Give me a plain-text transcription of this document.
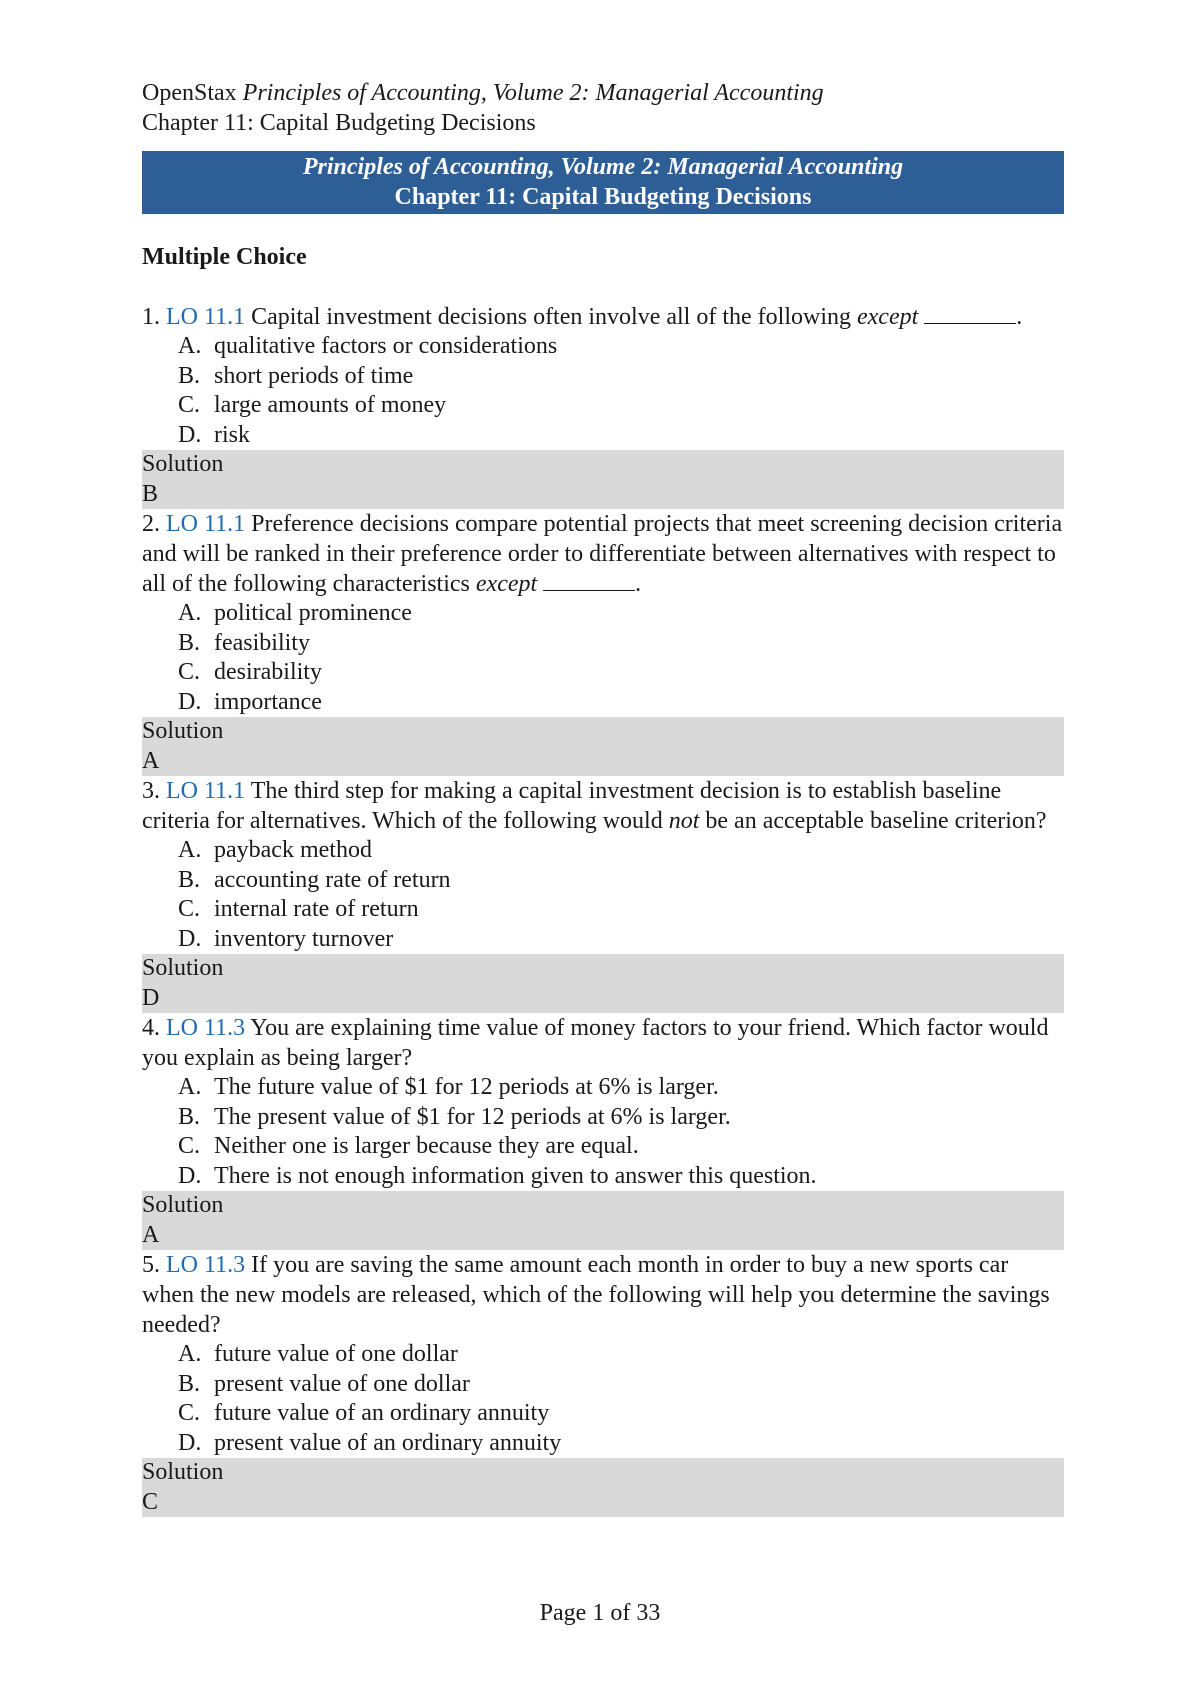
OpenStax Principles of Accounting, Volume 2: Managerial Accounting
Chapter 11: Capital Budgeting Decisions
Principles of Accounting, Volume 2: Managerial Accounting
Chapter 11: Capital Budgeting Decisions
Multiple Choice
1. LO 11.1 Capital investment decisions often involve all of the following except	.
A. qualitative factors or considerations
B. short periods of time
C. large amounts of money
D. risk
Solution
B
2. LO 11.1 Preference decisions compare potential projects that meet screening decision criteria and will be ranked in their preference order to differentiate between alternatives with respect to all of the following characteristics except	.
A. political prominence
B. feasibility
C. desirability
D. importance
Solution
A
3. LO 11.1 The third step for making a capital investment decision is to establish baseline criteria for alternatives. Which of the following would not be an acceptable baseline criterion?
A. payback method
B. accounting rate of return
C. internal rate of return
D. inventory turnover
Solution
D
4. LO 11.3 You are explaining time value of money factors to your friend. Which factor would you explain as being larger?
A. The future value of $1 for 12 periods at 6% is larger.
B. The present value of $1 for 12 periods at 6% is larger.
C. Neither one is larger because they are equal.
D. There is not enough information given to answer this question.
Solution
A
5. LO 11.3 If you are saving the same amount each month in order to buy a new sports car when the new models are released, which of the following will help you determine the savings needed?
A. future value of one dollar
B. present value of one dollar
C. future value of an ordinary annuity
D. present value of an ordinary annuity
Solution
C
Page 1 of 33
